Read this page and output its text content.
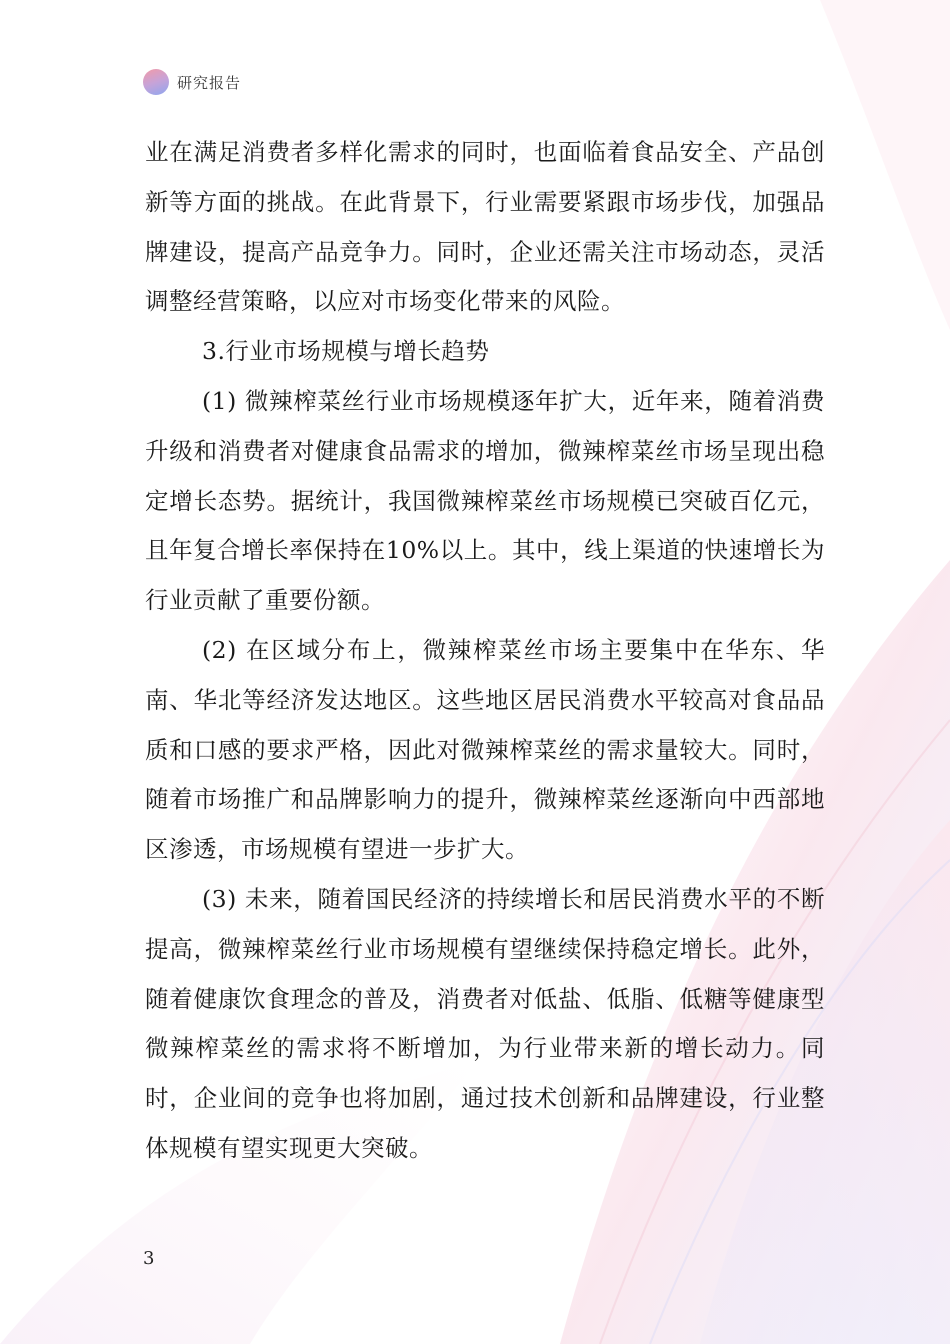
研究报告

业在满足消费者多样化需求的同时，也面临着食品安全、产品创新等方面的挑战。在此背景下，行业需要紧跟市场步伐，加强品牌建设，提高产品竞争力。同时，企业还需关注市场动态，灵活调整经营策略，以应对市场变化带来的风险。

3.行业市场规模与增长趋势

(1) 微辣榨菜丝行业市场规模逐年扩大，近年来，随着消费升级和消费者对健康食品需求的增加，微辣榨菜丝市场呈现出稳定增长态势。据统计，我国微辣榨菜丝市场规模已突破百亿元，且年复合增长率保持在10%以上。其中，线上渠道的快速增长为行业贡献了重要份额。

(2) 在区域分布上，微辣榨菜丝市场主要集中在华东、华南、华北等经济发达地区。这些地区居民消费水平较高对食品品质和口感的要求严格，因此对微辣榨菜丝的需求量较大。同时，随着市场推广和品牌影响力的提升，微辣榨菜丝逐渐向中西部地区渗透，市场规模有望进一步扩大。

(3) 未来，随着国民经济的持续增长和居民消费水平的不断提高，微辣榨菜丝行业市场规模有望继续保持稳定增长。此外，随着健康饮食理念的普及，消费者对低盐、低脂、低糖等健康型微辣榨菜丝的需求将不断增加，为行业带来新的增长动力。同时，企业间的竞争也将加剧，通过技术创新和品牌建设，行业整体规模有望实现更大突破。

3
